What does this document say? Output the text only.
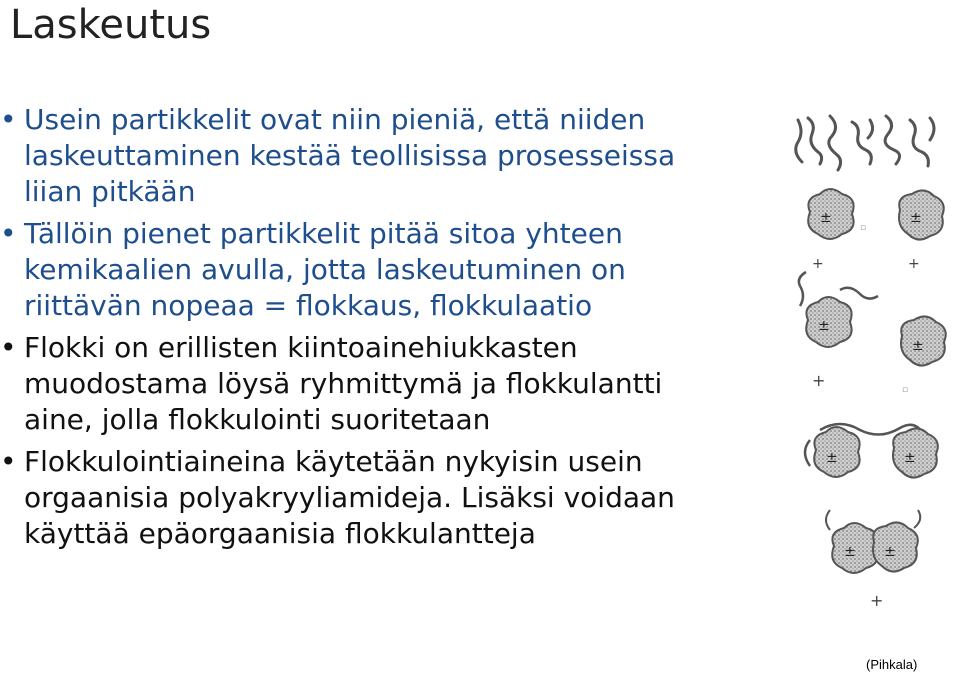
Laskeutus
• Usein partikkelit ovat niin pieniä, että niiden laskeuttaminen kestää teollisissa prosesseissa liian pitkään
• Tällöin pienet partikkelit pitää sitoa yhteen kemikaalien avulla, jotta laskeutuminen on riittävän nopeaa = flokkaus, flokkulaatio
• Flokki on erillisten kiintoainehiukkasten muodostama löysä ryhmittymä ja flokkulantti aine, jolla flokkulointi suoritetaan
• Flokkulointiaineina käytetään nykyisin usein orgaanisia polyakryyliamideja. Lisäksi voidaan käyttää epäorgaanisia flokkulantteja
±	±
▫
+	+
±
±
+	▫
±	±
± ±
+
(Pihkala)
